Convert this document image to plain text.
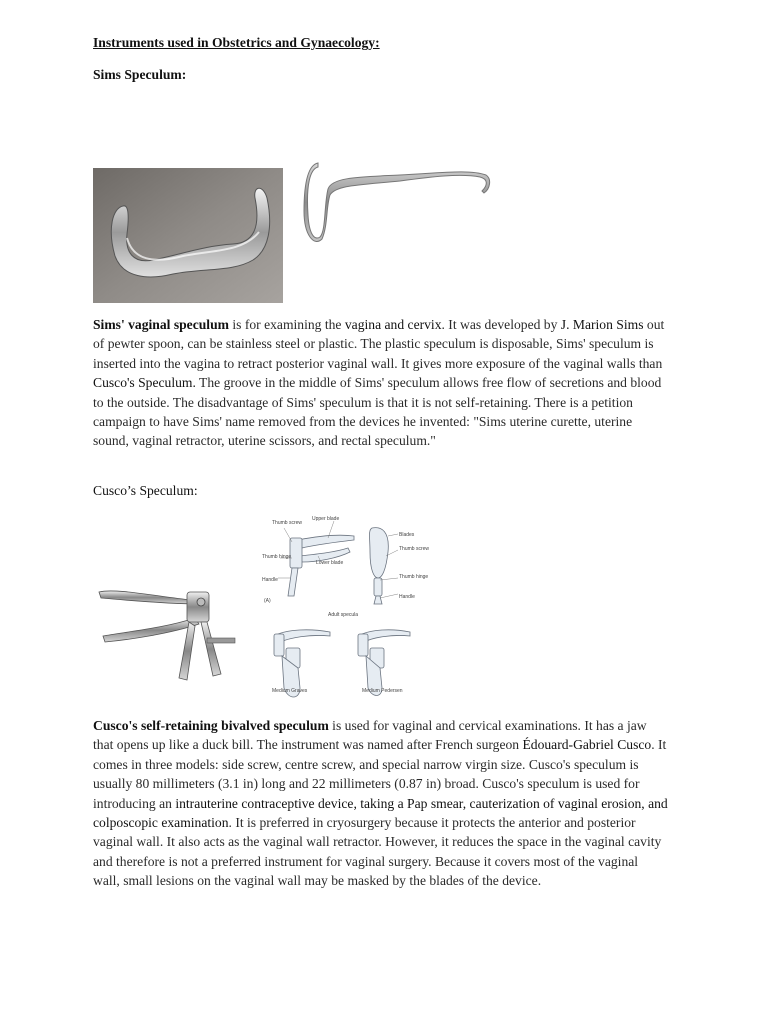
Instruments used in Obstetrics and Gynaecology:
Sims Speculum:
Sims' vaginal speculum is for examining the vagina and cervix. It was developed by J. Marion Sims out of pewter spoon, can be stainless steel or plastic. The plastic speculum is disposable, Sims' speculum is inserted into the vagina to retract posterior vaginal wall. It gives more exposure of the vaginal walls than Cusco's Speculum. The groove in the middle of Sims' speculum allows free flow of secretions and blood to the outside. The disadvantage of Sims' speculum is that it is not self-retaining. There is a petition campaign to have Sims' name removed from the devices he invented: "Sims uterine curette, uterine sound, vaginal retractor, uterine scissors, and rectal speculum."
Cusco’s Speculum:
Thumb screw
Upper blade
Blades
Thumb screw
Thumb hinge
Lower blade
Handle	Thumb hinge
Handle
(A)
Adult specula
Medium Graves	Medium Pedersen
Cusco's self-retaining bivalved speculum is used for vaginal and cervical examinations. It has a jaw that opens up like a duck bill. The instrument was named after French surgeon Édouard-Gabriel Cusco. It comes in three models: side screw, centre screw, and special narrow virgin size. Cusco's speculum is usually 80 millimeters (3.1 in) long and 22 millimeters (0.87 in) broad. Cusco's speculum is used for introducing an intrauterine contraceptive device, taking a Pap smear, cauterization of vaginal erosion, and colposcopic examination. It is preferred in cryosurgery because it protects the anterior and posterior vaginal wall. It also acts as the vaginal wall retractor. However, it reduces the space in the vaginal cavity and therefore is not a preferred instrument for vaginal surgery. Because it covers most of the vaginal wall, small lesions on the vaginal wall may be masked by the blades of the device.
